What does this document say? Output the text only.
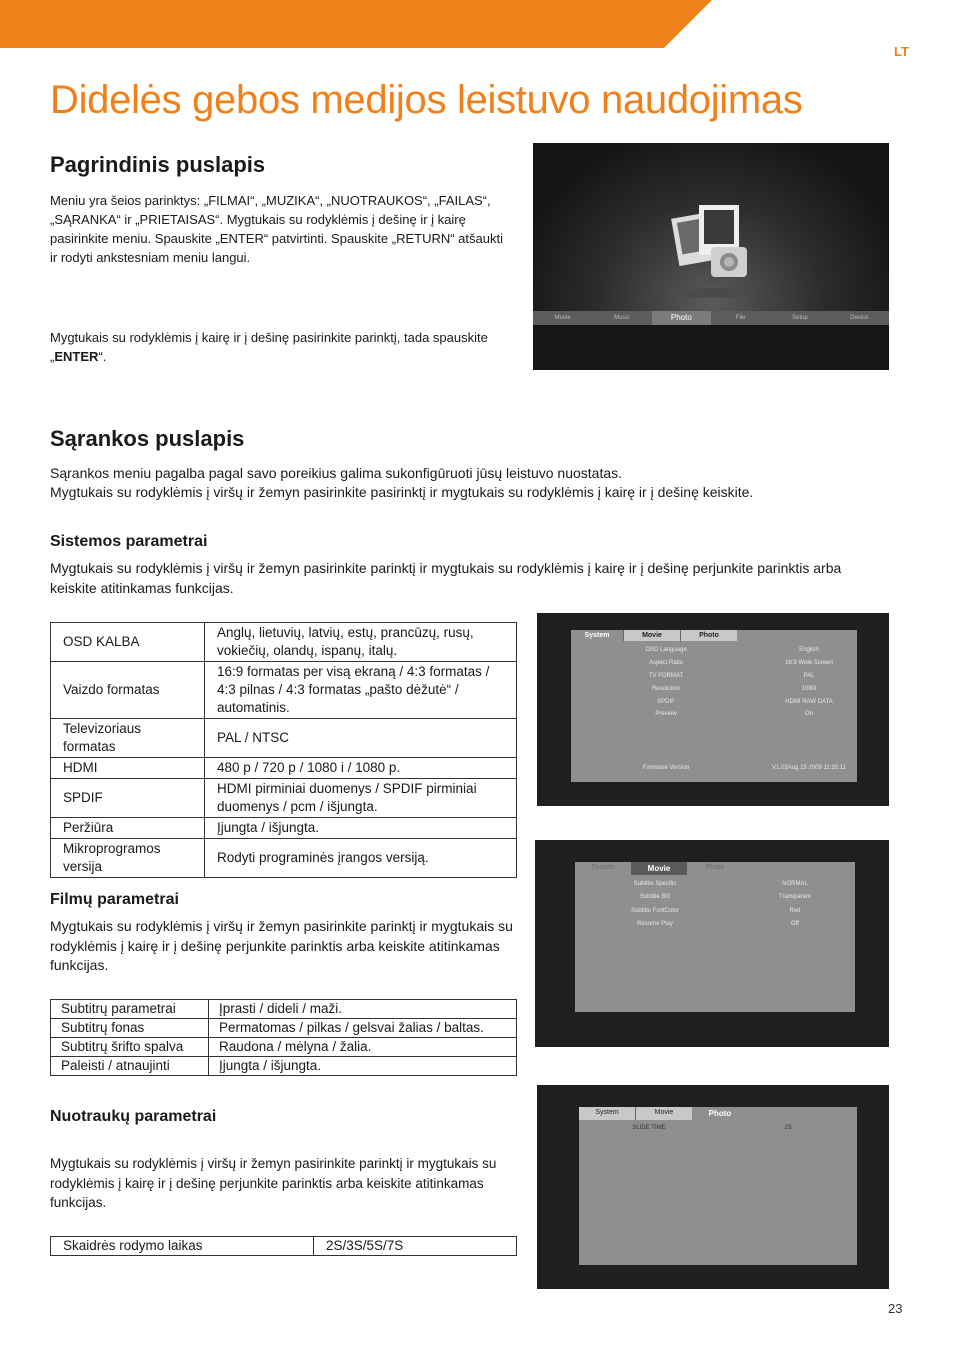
LT
Didelės gebos medijos leistuvo naudojimas
Pagrindinis puslapis

Meniu yra šeios parinktys: „FILMAI“, „MUZIKA“, „NUOTRAUKOS“, „FAILAS“, „SĄRANKA“ ir „PRIETAISAS“. Mygtukais su rodyklėmis į dešinę ir į kairę pasirinkite meniu. Spauskite „ENTER“ patvirtinti. Spauskite „RETURN“ atšaukti ir rodyti ankstesniam meniu langui.

Mygtukais su rodyklėmis į kairę ir į dešinę pasirinkite parinktį, tada spauskite „ENTER“.

Movie	Music	Photo	File	Setup	Device
Sąrankos puslapis

Sąrankos meniu pagalba pagal savo poreikius galima sukonfigūruoti jūsų leistuvo nuostatas.

Mygtukais su rodyklėmis į viršų ir žemyn pasirinkite pasirinktį ir mygtukais su rodyklėmis į kairę ir į dešinę keiskite.

Sistemos parametrai

Mygtukais su rodyklėmis į viršų ir žemyn pasirinkite parinktį ir mygtukais su rodyklėmis į kairę ir į dešinę perjunkite parinktis arba keiskite atitinkamas funkcijas.

OSD KALBA	Anglų, lietuvių, latvių, estų, prancūzų, rusų, vokiečių, olandų, ispanų, italų.
Vaizdo formatas	16:9 formatas per visą ekraną / 4:3 formatas / 4:3 pilnas / 4:3 formatas „pašto dėžutė“ / automatinis.
Televizoriaus formatas	PAL / NTSC
HDMI	480 p / 720 p / 1080 i / 1080 p.
SPDIF	HDMI pirminiai duomenys / SPDIF pirminiai duomenys / pcm / išjungta.
Peržiūra	Įjungta / išjungta.
Mikroprogramos versija	Rodyti programinės įrangos versiją.
System	Movie	Photo
OSD Language	English
Aspect Ratio	16:9 Wide Screen
TV FORMAT	PAL
Resolution	1080i
SPDIF	HDMI RAW DATA
Preview	On
Firmware Version	V1.03Aug 15 2009 11:35:11
Filmų parametrai

Mygtukais su rodyklėmis į viršų ir žemyn pasirinkite parinktį ir mygtukais su rodyklėmis į kairę ir į dešinę perjunkite parinktis arba keiskite atitinkamas funkcijas.

Subtitrų parametrai	Įprasti / dideli / maži.
Subtitrų fonas	Permatomas / pilkas / gelsvai žalias / baltas.
Subtitrų šrifto spalva	Raudona / mėlyna / žalia.
Paleisti / atnaujinti	Įjungta / išjungta.
System	Movie	Photo
Subtitle Specific	NORMAL
Subtitle BG	Transparent
Subtitle FontColor	Red
Resume Play	Off
Nuotraukų parametrai

Mygtukais su rodyklėmis į viršų ir žemyn pasirinkite parinktį ir mygtukais su rodyklėmis į kairę ir į dešinę perjunkite parinktis arba keiskite atitinkamas funkcijas.

Skaidrės rodymo laikas	2S/3S/5S/7S
System	Movie	Photo
SLIDE TIME	2S
23
